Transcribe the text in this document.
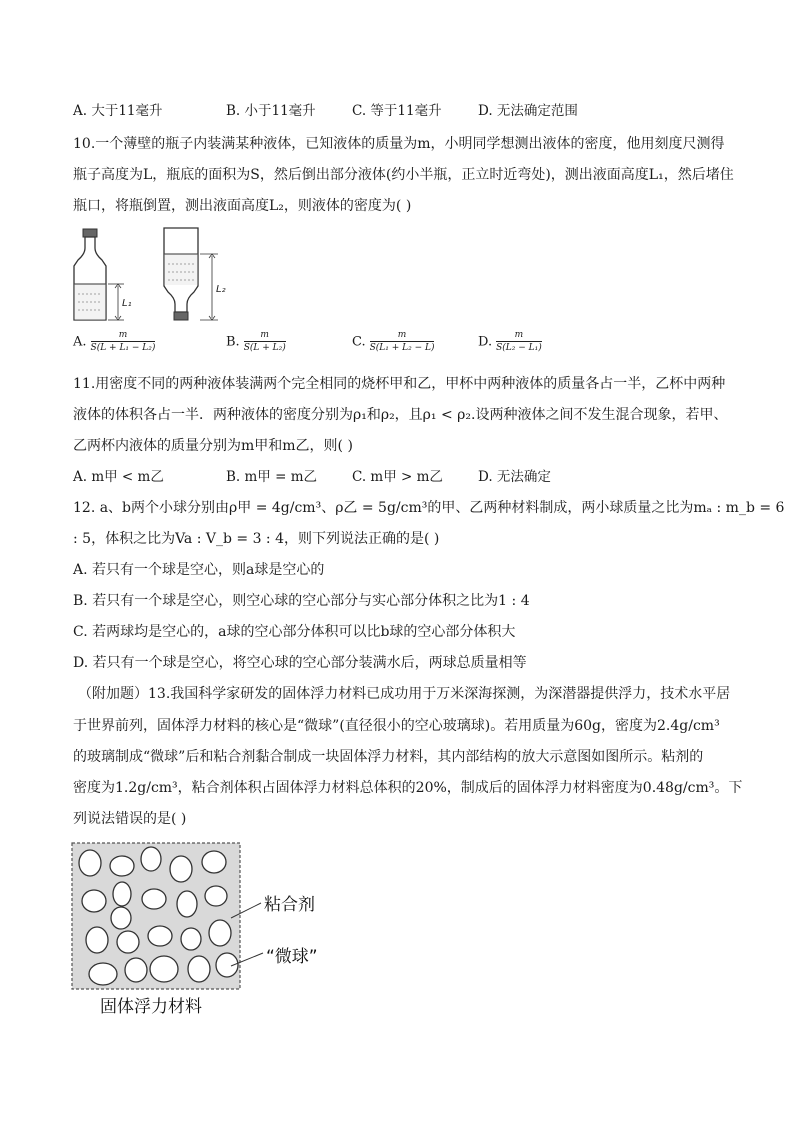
A. 大于11毫升	B. 小于11毫升	C. 等于11毫升	D. 无法确定范围
10.一个薄壁的瓶子内装满某种液体，已知液体的质量为m，小明同学想测出液体的密度，他用刻度尺测得
瓶子高度为L，瓶底的面积为S，然后倒出部分液体(约小半瓶，正立时近弯处)，测出液面高度L₁，然后堵住
瓶口，将瓶倒置，测出液面高度L₂，则液体的密度为( )
L₁
L₂
A. $\frac{m}{\text{S(L + L₁ − L₂)}}$	B. $\frac{m}{\text{S(L + L₂)}}$	C. $\frac{m}{\text{S(L₁ + L₂ − L)}}$	D. $\frac{m}{\text{S(L₂ − L₁)}}$
11.用密度不同的两种液体装满两个完全相同的烧杯甲和乙，甲杯中两种液体的质量各占一半，乙杯中两种
液体的体积各占一半．两种液体的密度分别为ρ₁和ρ₂，且ρ₁ < ρ₂.设两种液体之间不发生混合现象，若甲、
乙两杯内液体的质量分别为m甲和m乙，则( )
A. m甲 < m乙	B. m甲 = m乙	C. m甲 > m乙	D. 无法确定
12. a、b两个小球分别由ρ甲 = 4g/cm³、ρ乙 = 5g/cm³的甲、乙两种材料制成，两小球质量之比为mₐ : m_b = 6
: 5，体积之比为Va : V_b = 3 : 4，则下列说法正确的是( )
A. 若只有一个球是空心，则a球是空心的
B. 若只有一个球是空心，则空心球的空心部分与实心部分体积之比为1 : 4
C. 若两球均是空心的，a球的空心部分体积可以比b球的空心部分体积大
D. 若只有一个球是空心，将空心球的空心部分装满水后，两球总质量相等
（附加题）13.我国科学家研发的固体浮力材料已成功用于万米深海探测，为深潜器提供浮力，技术水平居
于世界前列，固体浮力材料的核心是“微球”(直径很小的空心玻璃球)。若用质量为60g，密度为2.4g/cm³
的玻璃制成“微球”后和粘合剂黏合制成一块固体浮力材料，其内部结构的放大示意图如图所示。粘剂的
密度为1.2g/cm³，粘合剂体积占固体浮力材料总体积的20%，制成后的固体浮力材料密度为0.48g/cm³。下
列说法错误的是( )
粘合剂
“微球”
固体浮力材料
